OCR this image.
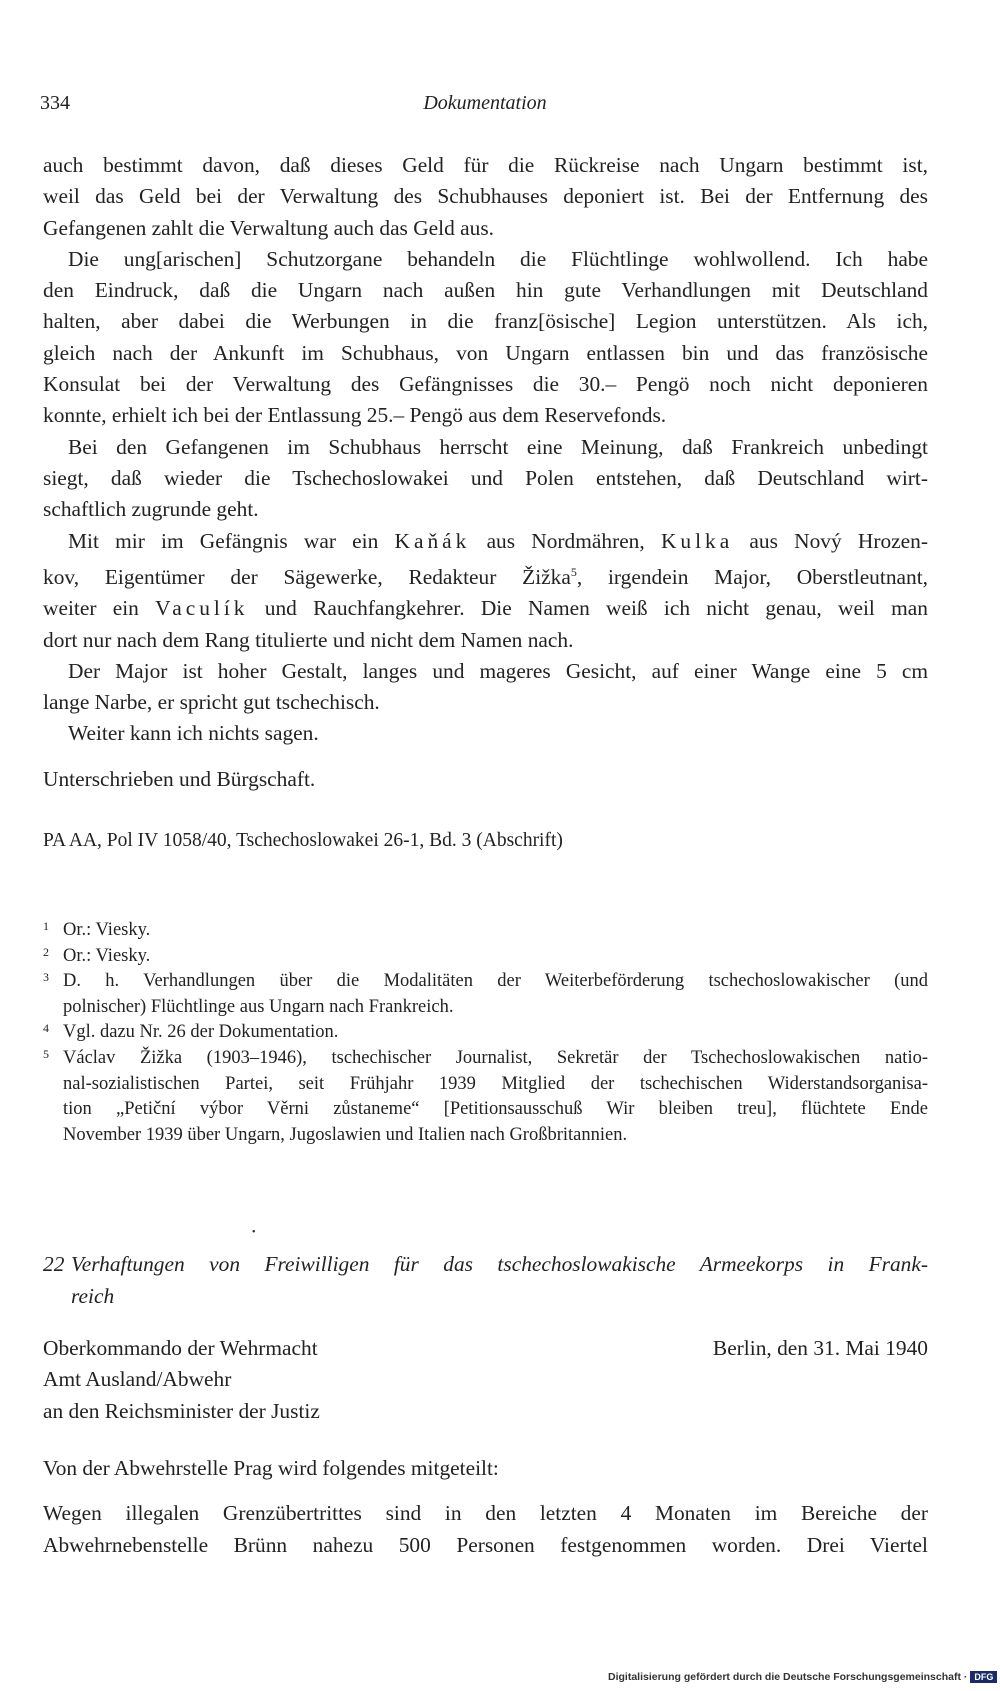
334	Dokumentation
auch bestimmt davon, daß dieses Geld für die Rückreise nach Ungarn bestimmt ist,
weil das Geld bei der Verwaltung des Schubhauses deponiert ist. Bei der Entfernung des
Gefangenen zahlt die Verwaltung auch das Geld aus.
Die ung[arischen] Schutzorgane behandeln die Flüchtlinge wohlwollend. Ich habe
den Eindruck, daß die Ungarn nach außen hin gute Verhandlungen mit Deutschland
halten, aber dabei die Werbungen in die franz[ösische] Legion unterstützen. Als ich,
gleich nach der Ankunft im Schubhaus, von Ungarn entlassen bin und das französische
Konsulat bei der Verwaltung des Gefängnisses die 30.– Pengö noch nicht deponieren
konnte, erhielt ich bei der Entlassung 25.– Pengö aus dem Reservefonds.
Bei den Gefangenen im Schubhaus herrscht eine Meinung, daß Frankreich unbedingt
siegt, daß wieder die Tschechoslowakei und Polen entstehen, daß Deutschland wirt-
schaftlich zugrunde geht.
Mit mir im Gefängnis war ein Kaňák aus Nordmähren, Kulka aus Nový Hrozen-
kov, Eigentümer der Sägewerke, Redakteur Žižka$^5$, irgendein Major, Oberstleutnant,
weiter ein Vaculík und Rauchfangkehrer. Die Namen weiß ich nicht genau, weil man
dort nur nach dem Rang titulierte und nicht dem Namen nach.
Der Major ist hoher Gestalt, langes und mageres Gesicht, auf einer Wange eine 5 cm
lange Narbe, er spricht gut tschechisch.
Weiter kann ich nichts sagen.
Unterschrieben und Bürgschaft.
PA AA, Pol IV 1058/40, Tschechoslowakei 26-1, Bd. 3 (Abschrift)
1 Or.: Viesky.
2 Or.: Viesky.
3 D. h. Verhandlungen über die Modalitäten der Weiterbeförderung tschechoslowakischer (und
polnischer) Flüchtlinge aus Ungarn nach Frankreich.
4 Vgl. dazu Nr. 26 der Dokumentation.
5 Václav Žižka (1903–1946), tschechischer Journalist, Sekretär der Tschechoslowakischen natio-
nal-sozialistischen Partei, seit Frühjahr 1939 Mitglied der tschechischen Widerstandsorganisa-
tion „Petiční výbor Věrni zůstaneme“ [Petitionsausschuß Wir bleiben treu], flüchtete Ende
November 1939 über Ungarn, Jugoslawien und Italien nach Großbritannien.
•
22 Verhaftungen von Freiwilligen für das tschechoslowakische Armeekorps in Frank-
reich
Oberkommando der Wehrmacht	Berlin, den 31. Mai 1940
Amt Ausland/Abwehr
an den Reichsminister der Justiz
Von der Abwehrstelle Prag wird folgendes mitgeteilt:
Wegen illegalen Grenzübertrittes sind in den letzten 4 Monaten im Bereiche der
Abwehrnebenstelle Brünn nahezu 500 Personen festgenommen worden. Drei Viertel
Digitalisierung gefördert durch die Deutsche Forschungsgemeinschaft · DFG
